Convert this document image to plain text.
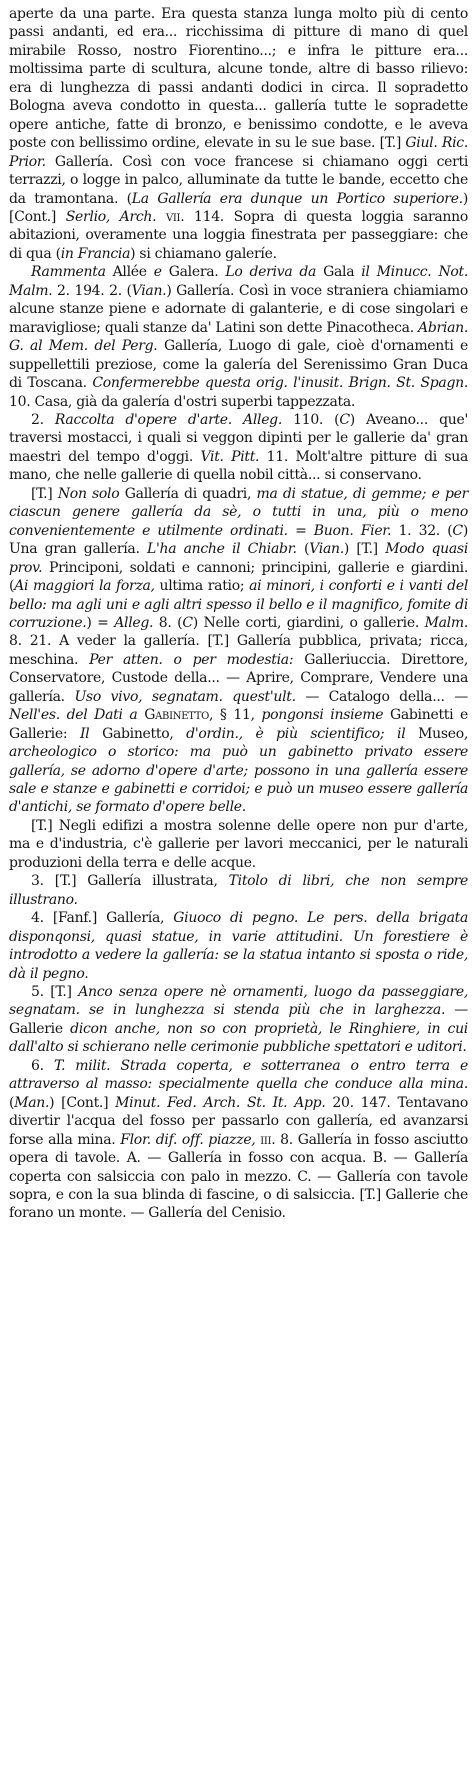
aperte da una parte. Era questa stanza lunga molto più di cento passi andanti, ed era... ricchissima di pitture di mano di quel mirabile Rosso, nostro Fiorentino...; e infra le pitture era... moltissima parte di scultura, alcune tonde, altre di basso rilievo: era di lunghezza di passi andanti dodici in circa. Il sopradetto Bologna aveva condotto in questa... gallería tutte le sopradette opere antiche, fatte di bronzo, e benissimo condotte, e le aveva poste con bellissimo ordine, elevate in su le sue base. [T.] Giul. Ric. Prior. Gallería. Così con voce francese si chiamano oggi certi terrazzi, o logge in palco, alluminate da tutte le bande, eccetto che da tramontana. (La Gallería era dunque un Portico superiore.) [Cont.] Serlio, Arch. vii. 114. Sopra di questa loggia saranno abitazioni, overamente una loggia finestrata per passeggiare: che di qua (in Francia) si chiamano galeríe.

Rammenta Allée e Galera. Lo deriva da Gala il Minucc. Not. Malm. 2. 194. 2. (Vian.) Gallería. Così in voce straniera chiamiamo alcune stanze piene e adornate di galanterie, e di cose singolari e maravigliose; quali stanze da' Latini son dette Pinacotheca. Abrian. G. al Mem. del Perg. Gallería, Luogo di gale, cioè d'ornamenti e suppellettili preziose, come la galería del Serenissimo Gran Duca di Toscana. Confermerebbe questa orig. l'inusit. Brign. St. Spagn. 10. Casa, già da galería d'ostri superbi tappezzata.

2. Raccolta d'opere d'arte. Alleg. 110. (C) Aveano... que' traversi mostacci, i quali si veggon dipinti per le gallerie da' gran maestri del tempo d'oggi. Vit. Pitt. 11. Molt'altre pitture di sua mano, che nelle gallerie di quella nobil città... si conservano.

[T.] Non solo Gallería di quadri, ma di statue, di gemme; e per ciascun genere gallería da sè, o tutti in una, più o meno convenientemente e utilmente ordinati. = Buon. Fier. 1. 32. (C) Una gran gallería. L'ha anche il Chiabr. (Vian.) [T.] Modo quasi prov. Principoni, soldati e cannoni; principini, gallerie e giardini. (Ai maggiori la forza, ultima ratio; ai minori, i conforti e i vanti del bello: ma agli uni e agli altri spesso il bello e il magnifico, fomite di corruzione.) = Alleg. 8. (C) Nelle corti, giardini, o gallerie. Malm. 8. 21. A veder la gallería. [T.] Gallería pubblica, privata; ricca, meschina. Per atten. o per modestia: Galleriuccia. Direttore, Conservatore, Custode della... — Aprire, Comprare, Vendere una gallería. Uso vivo, segnatam. quest'ult. — Catalogo della... — Nell'es. del Dati a Gabinetto, § 11, pongonsi insieme Gabinetti e Gallerie: Il Gabinetto, d'ordin., è più scientifico; il Museo, archeologico o storico: ma può un gabinetto privato essere gallería, se adorno d'opere d'arte; possono in una gallería essere sale e stanze e gabinetti e corridoi; e può un museo essere gallería d'antichi, se formato d'opere belle.

[T.] Negli edifizi a mostra solenne delle opere non pur d'arte, ma e d'industria, c'è gallerie per lavori meccanici, per le naturali produzioni della terra e delle acque.

3. [T.] Gallería illustrata, Titolo di libri, che non sempre illustrano.

4. [Fanf.] Gallería, Giuoco di pegno. Le pers. della brigata disponqonsi, quasi statue, in varie attitudini. Un forestiere è introdotto a vedere la gallería: se la statua intanto si sposta o ride, dà il pegno.

5. [T.] Anco senza opere nè ornamenti, luogo da passeggiare, segnatam. se in lunghezza si stenda più che in larghezza. — Gallerie dicon anche, non so con proprietà, le Ringhiere, in cui dall'alto si schierano nelle cerimonie pubbliche spettatori e uditori.

6. T. milit. Strada coperta, e sotterranea o entro terra e attraverso al masso: specialmente quella che conduce alla mina. (Man.) [Cont.] Minut. Fed. Arch. St. It. App. 20. 147. Tentavano divertir l'acqua del fosso per passarlo con gallería, ed avanzarsi forse alla mina. Flor. dif. off. piazze, iii. 8. Gallería in fosso asciutto opera di tavole. A. — Gallería in fosso con acqua. B. — Gallería coperta con salsiccia con palo in mezzo. C. — Gallería con tavole sopra, e con la sua blinda di fascine, o di salsiccia. [T.] Gallerie che forano un monte. — Gallería del Cenisio.
